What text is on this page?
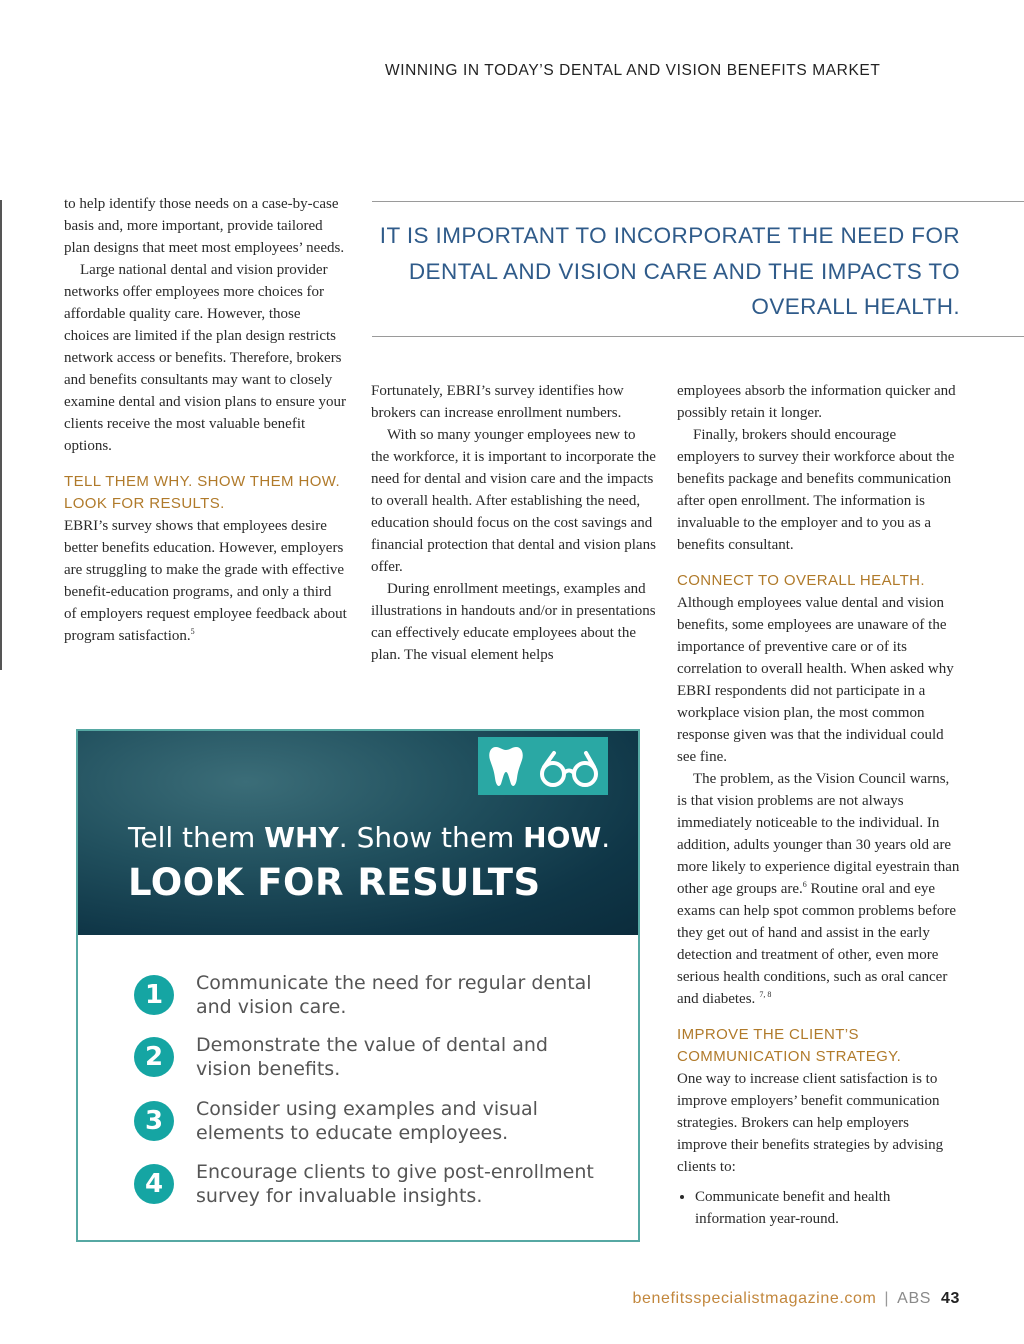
WINNING IN TODAY’S DENTAL AND VISION BENEFITS MARKET
IT IS IMPORTANT TO INCORPORATE THE NEED FOR DENTAL AND VISION CARE AND THE IMPACTS TO OVERALL HEALTH.

to help identify those needs on a case-by-case basis and, more important, provide tailored plan designs that meet most employees’ needs.

Large national dental and vision provider networks offer employees more choices for affordable quality care. However, those choices are limited if the plan design restricts network access or benefits. Therefore, brokers and benefits consultants may want to closely examine dental and vision plans to ensure your clients receive the most valuable benefit options.

TELL THEM WHY. SHOW THEM HOW. LOOK FOR RESULTS.

EBRI’s survey shows that employees desire better benefits education. However, employers are struggling to make the grade with effective benefit-education programs, and only a third of employers request employee feedback about program satisfaction.$^5$

Fortunately, EBRI’s survey identifies how brokers can increase enrollment numbers.

With so many younger employees new to the workforce, it is important to incorporate the need for dental and vision care and the impacts to overall health. After establishing the need, education should focus on the cost savings and financial protection that dental and vision plans offer.

During enrollment meetings, examples and illustrations in handouts and/or in presentations can effectively educate employees about the plan. The visual element helps

employees absorb the information quicker and possibly retain it longer.

Finally, brokers should encourage employers to survey their workforce about the benefits package and benefits communication after open enrollment. The information is invaluable to the employer and to you as a benefits consultant.

CONNECT TO OVERALL HEALTH.

Although employees value dental and vision benefits, some employees are unaware of the importance of preventive care or of its correlation to overall health. When asked why EBRI respondents did not participate in a workplace vision plan, the most common response given was that the individual could see fine.

The problem, as the Vision Council warns, is that vision problems are not always immediately noticeable to the individual. In addition, adults younger than 30 years old are more likely to experience digital eyestrain than other age groups are.$^6$ Routine oral and eye exams can help spot common problems before they get out of hand and assist in the early detection and treatment of other, even more serious health conditions, such as oral cancer and diabetes. $^{7, 8}$

IMPROVE THE CLIENT’S COMMUNICATION STRATEGY.

One way to increase client satisfaction is to improve employers’ benefit communication strategies. Brokers can help employers improve their benefits strategies by advising clients to:

• Communicate benefit and health information year-round.
Tell them WHY. Show them HOW.
LOOK FOR RESULTS
1	Communicate the need for regular dental and vision care.
2	Demonstrate the value of dental and vision benefits.
3	Consider using examples and visual elements to educate employees.
4	Encourage clients to give post-enrollment survey for invaluable insights.
benefitsspecialistmagazine.com | ABS 43
